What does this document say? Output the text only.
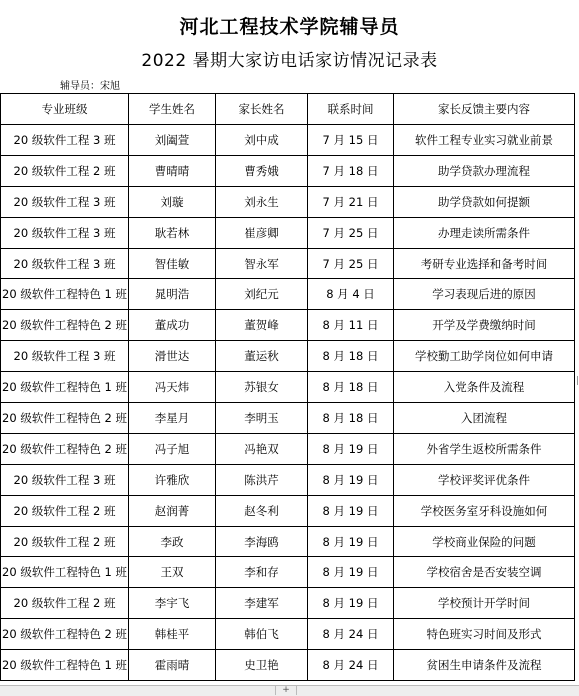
河北工程技术学院辅导员
2022 暑期大家访电话家访情况记录表
辅导员：宋旭
专业班级	学生姓名	家长姓名	联系时间	家长反馈主要内容
20 级软件工程 3 班	刘阖萱	刘中成	7 月 15 日	软件工程专业实习就业前景
20 级软件工程 2 班	曹晴晴	曹秀娥	7 月 18 日	助学贷款办理流程
20 级软件工程 3 班	刘璇	刘永生	7 月 21 日	助学贷款如何提额
20 级软件工程 3 班	耿若林	崔彦卿	7 月 25 日	办理走读所需条件
20 级软件工程 3 班	智佳敏	智永军	7 月 25 日	考研专业选择和备考时间
20 级软件工程特色 1 班	晁明浩	刘纪元	8 月 4 日	学习表现后进的原因
20 级软件工程特色 2 班	董成功	董贺峰	8 月 11 日	开学及学费缴纳时间
20 级软件工程 3 班	滑世达	董运秋	8 月 18 日	学校勤工助学岗位如何申请
20 级软件工程特色 1 班	冯天炜	苏银女	8 月 18 日	入党条件及流程
20 级软件工程特色 2 班	李星月	李明玉	8 月 18 日	入团流程
20 级软件工程特色 2 班	冯子旭	冯艳双	8 月 19 日	外省学生返校所需条件
20 级软件工程 3 班	许雅欣	陈洪芹	8 月 19 日	学校评奖评优条件
20 级软件工程 2 班	赵润菁	赵冬利	8 月 19 日	学校医务室牙科设施如何
20 级软件工程 2 班	李政	李海鸥	8 月 19 日	学校商业保险的问题
20 级软件工程特色 1 班	王双	李和存	8 月 19 日	学校宿舍是否安装空调
20 级软件工程 2 班	李宇飞	李建军	8 月 19 日	学校预计开学时间
20 级软件工程特色 2 班	韩桂平	韩伯飞	8 月 24 日	特色班实习时间及形式
20 级软件工程特色 1 班	霍雨晴	史卫艳	8 月 24 日	贫困生申请条件及流程
|
+
